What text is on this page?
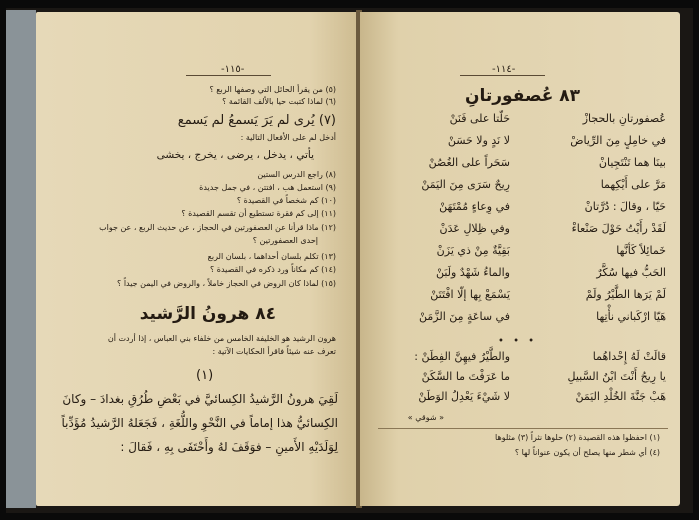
-١١٥-
(٥) من يقرأ الحائل التي وصفها الربع ؟
(٦) لماذا كتبت حيا بالألف القائمة ؟
(٧) يُرى لم يَرَ يَسمعُ لم يَسمع
أدخل لم على الأفعال التالية :
يأتي ، يدخل ، يرضى ، يخرج ، يخشى
(٨) راجع الدرس الستين
(٩) استعمل هب ، افتتن ، في جمل جديدة
(١٠) كم شخصاً في القصيدة ؟
(١١) إلى كم فقرة تستطيع أن تقسم القصيدة ؟
(١٢) ماذا قرأنا عن العصفورتين في الحجاز ، عن حديث الربع ، عن جواب
إحدى العصفورتين ؟
(١٣) تكلم بلسان أحداهما ، بلسان الربع
(١٤) كم مكاناً ورد ذكره في القصيدة ؟
(١٥) لماذا كان الروض في الحجاز خاملاً ، والروض في اليمن جيداً ؟
٨٤ هرونُ الرَّشيد
هرون الرشيد هو الخليفة الخامس من خلفاء بني العباس ، إذا أردت أن
تعرف عنه شيئاً فاقرأ الحكايات الآتية :
(١)
لَقِيَ هرونُ الرَّشيدُ الكِسائيَّ في بَعْضِ طُرُقِ بغدادَ – وكانَ
الكِسائيُّ هذا إماماً في النَّحْوِ واللُّغَةِ ، فَجَعَلهُ الرَّشيدُ مُؤَدِّباً
لِوَلَدَيْهِ الأَمينِ – فوَقَفَ لهُ وأَحْتَفَى بِهِ ، فَقالَ :
-١١٤-
٨٣ عُصفورتانِ
عُصفورتانِ بالحجازْ
حَلّتا على فَنَنْ
في خامِلٍ مِنَ الرِّياضْ
لا نَدٍ ولا حَسَنْ
بينَا هما تَنْتَجِيانْ
سَحَراً على الغُصُنْ
مَرَّ على أَيْكِهما
رِيحٌ سَرَى مِنَ اليَمَنْ
حَيّا ، وقالَ : دُرَّتانْ
في وِعاءٍ مُمْتَهَنْ
لَقَدْ رأَيْتُ حَوْلَ صَنْعاءْ
وفي ظِلالِ عَدَنْ
خَمائِلاً كَأنَّها
بَقِيَّةٌ مِنْ ذي يَزَنْ
الحَبُّ فيها سُكَّرٌ
والماءُ شَهْدٌ ولَبَنْ
لَمْ يَرَها الطَّيْرُ ولَمْ
يَسْمَعْ بِها إلّا افْتَتَنْ
هَيّا ارْكَباني نأْتِها
في ساعَةٍ مِنَ الزَّمَنْ
• • •
قالَتْ لَهُ إِحْداهُما
والطَّيْرُ فيهِنَّ الفِطَنْ :
يا رِيحُ أَنْتَ ابْنُ السَّبيلِ
ما عَرَفْتَ ما السَّكَنْ
هَبْ جَنَّةَ الخُلْدِ اليَمَنْ
لا شَيْءَ يَعْدِلُ الوَطَنْ
« شوقي »
(١) احفظوا هذه القصيدة (٢) حلوها نثراً (٣) مثلوها
(٤) أي شطر منها يصلح أن يكون عنواناً لها ؟
